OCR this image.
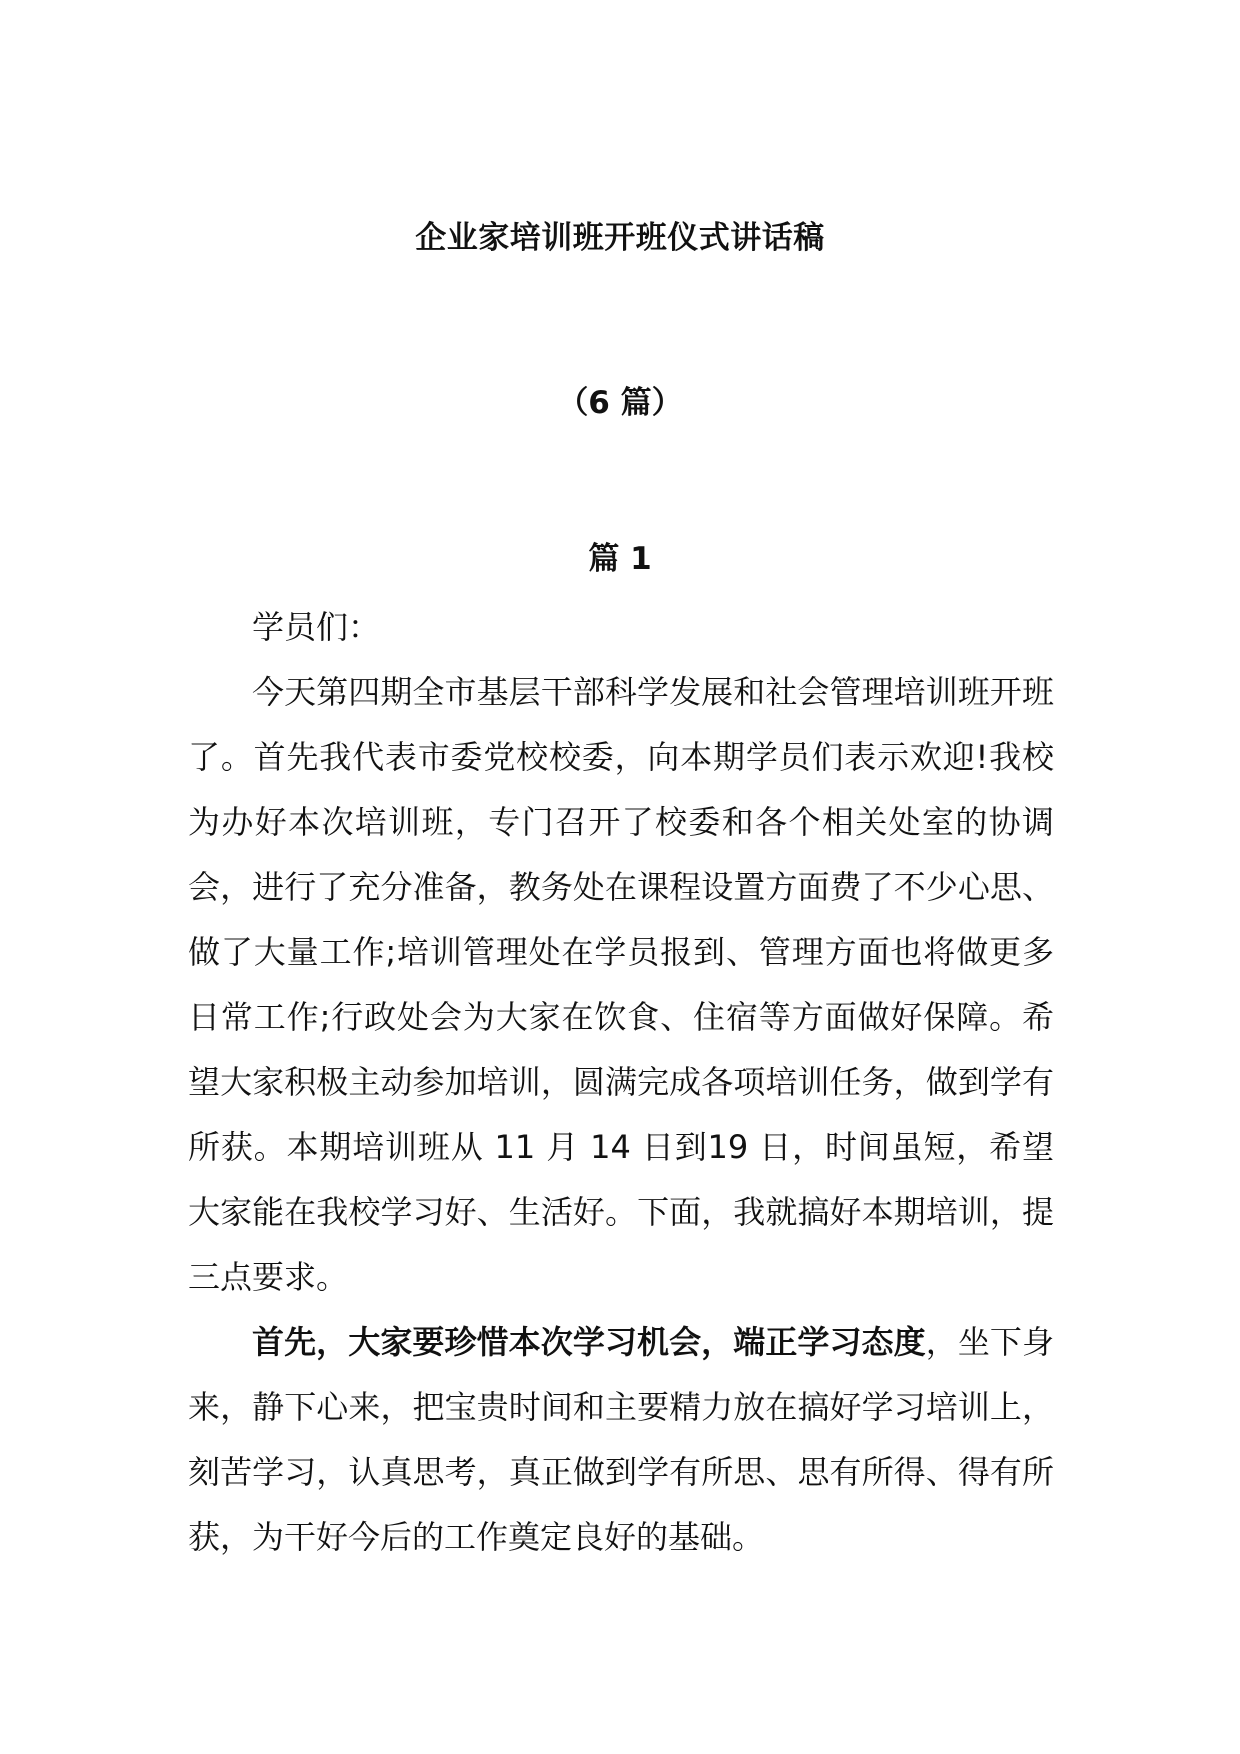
企业家培训班开班仪式讲话稿
（6 篇）
篇 1

学员们：

今天第四期全市基层干部科学发展和社会管理培训班开班了。首先我代表市委党校校委，向本期学员们表示欢迎!我校为办好本次培训班，专门召开了校委和各个相关处室的协调会，进行了充分准备，教务处在课程设置方面费了不少心思、做了大量工作;培训管理处在学员报到、管理方面也将做更多日常工作;行政处会为大家在饮食、住宿等方面做好保障。希望大家积极主动参加培训，圆满完成各项培训任务，做到学有所获。本期培训班从 11 月 14 日到19 日，时间虽短，希望大家能在我校学习好、生活好。下面，我就搞好本期培训，提三点要求。

首先，大家要珍惜本次学习机会，端正学习态度，坐下身来，静下心来，把宝贵时间和主要精力放在搞好学习培训上，刻苦学习，认真思考，真正做到学有所思、思有所得、得有所获，为干好今后的工作奠定良好的基础。
